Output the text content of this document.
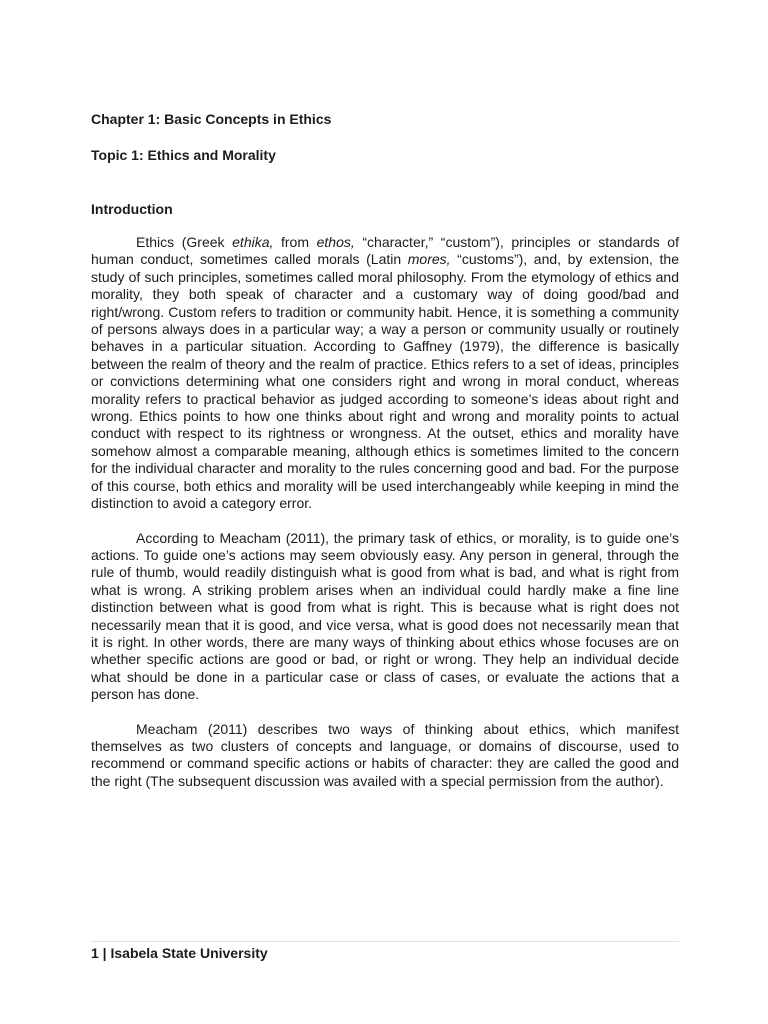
Chapter 1: Basic Concepts in Ethics

Topic 1: Ethics and Morality

Introduction

Ethics (Greek ethika, from ethos, “character,” “custom”), principles or standards of human conduct, sometimes called morals (Latin mores, “customs”), and, by extension, the study of such principles, sometimes called moral philosophy. From the etymology of ethics and morality, they both speak of character and a customary way of doing good/bad and right/wrong. Custom refers to tradition or community habit. Hence, it is something a community of persons always does in a particular way; a way a person or community usually or routinely behaves in a particular situation. According to Gaffney (1979), the difference is basically between the realm of theory and the realm of practice. Ethics refers to a set of ideas, principles or convictions determining what one considers right and wrong in moral conduct, whereas morality refers to practical behavior as judged according to someone’s ideas about right and wrong. Ethics points to how one thinks about right and wrong and morality points to actual conduct with respect to its rightness or wrongness. At the outset, ethics and morality have somehow almost a comparable meaning, although ethics is sometimes limited to the concern for the individual character and morality to the rules concerning good and bad. For the purpose of this course, both ethics and morality will be used interchangeably while keeping in mind the distinction to avoid a category error.

According to Meacham (2011), the primary task of ethics, or morality, is to guide one’s actions. To guide one’s actions may seem obviously easy. Any person in general, through the rule of thumb, would readily distinguish what is good from what is bad, and what is right from what is wrong. A striking problem arises when an individual could hardly make a fine line distinction between what is good from what is right. This is because what is right does not necessarily mean that it is good, and vice versa, what is good does not necessarily mean that it is right. In other words, there are many ways of thinking about ethics whose focuses are on whether specific actions are good or bad, or right or wrong. They help an individual decide what should be done in a particular case or class of cases, or evaluate the actions that a person has done.

Meacham (2011) describes two ways of thinking about ethics, which manifest themselves as two clusters of concepts and language, or domains of discourse, used to recommend or command specific actions or habits of character: they are called the good and the right (The subsequent discussion was availed with a special permission from the author).

1 | Isabela State University
